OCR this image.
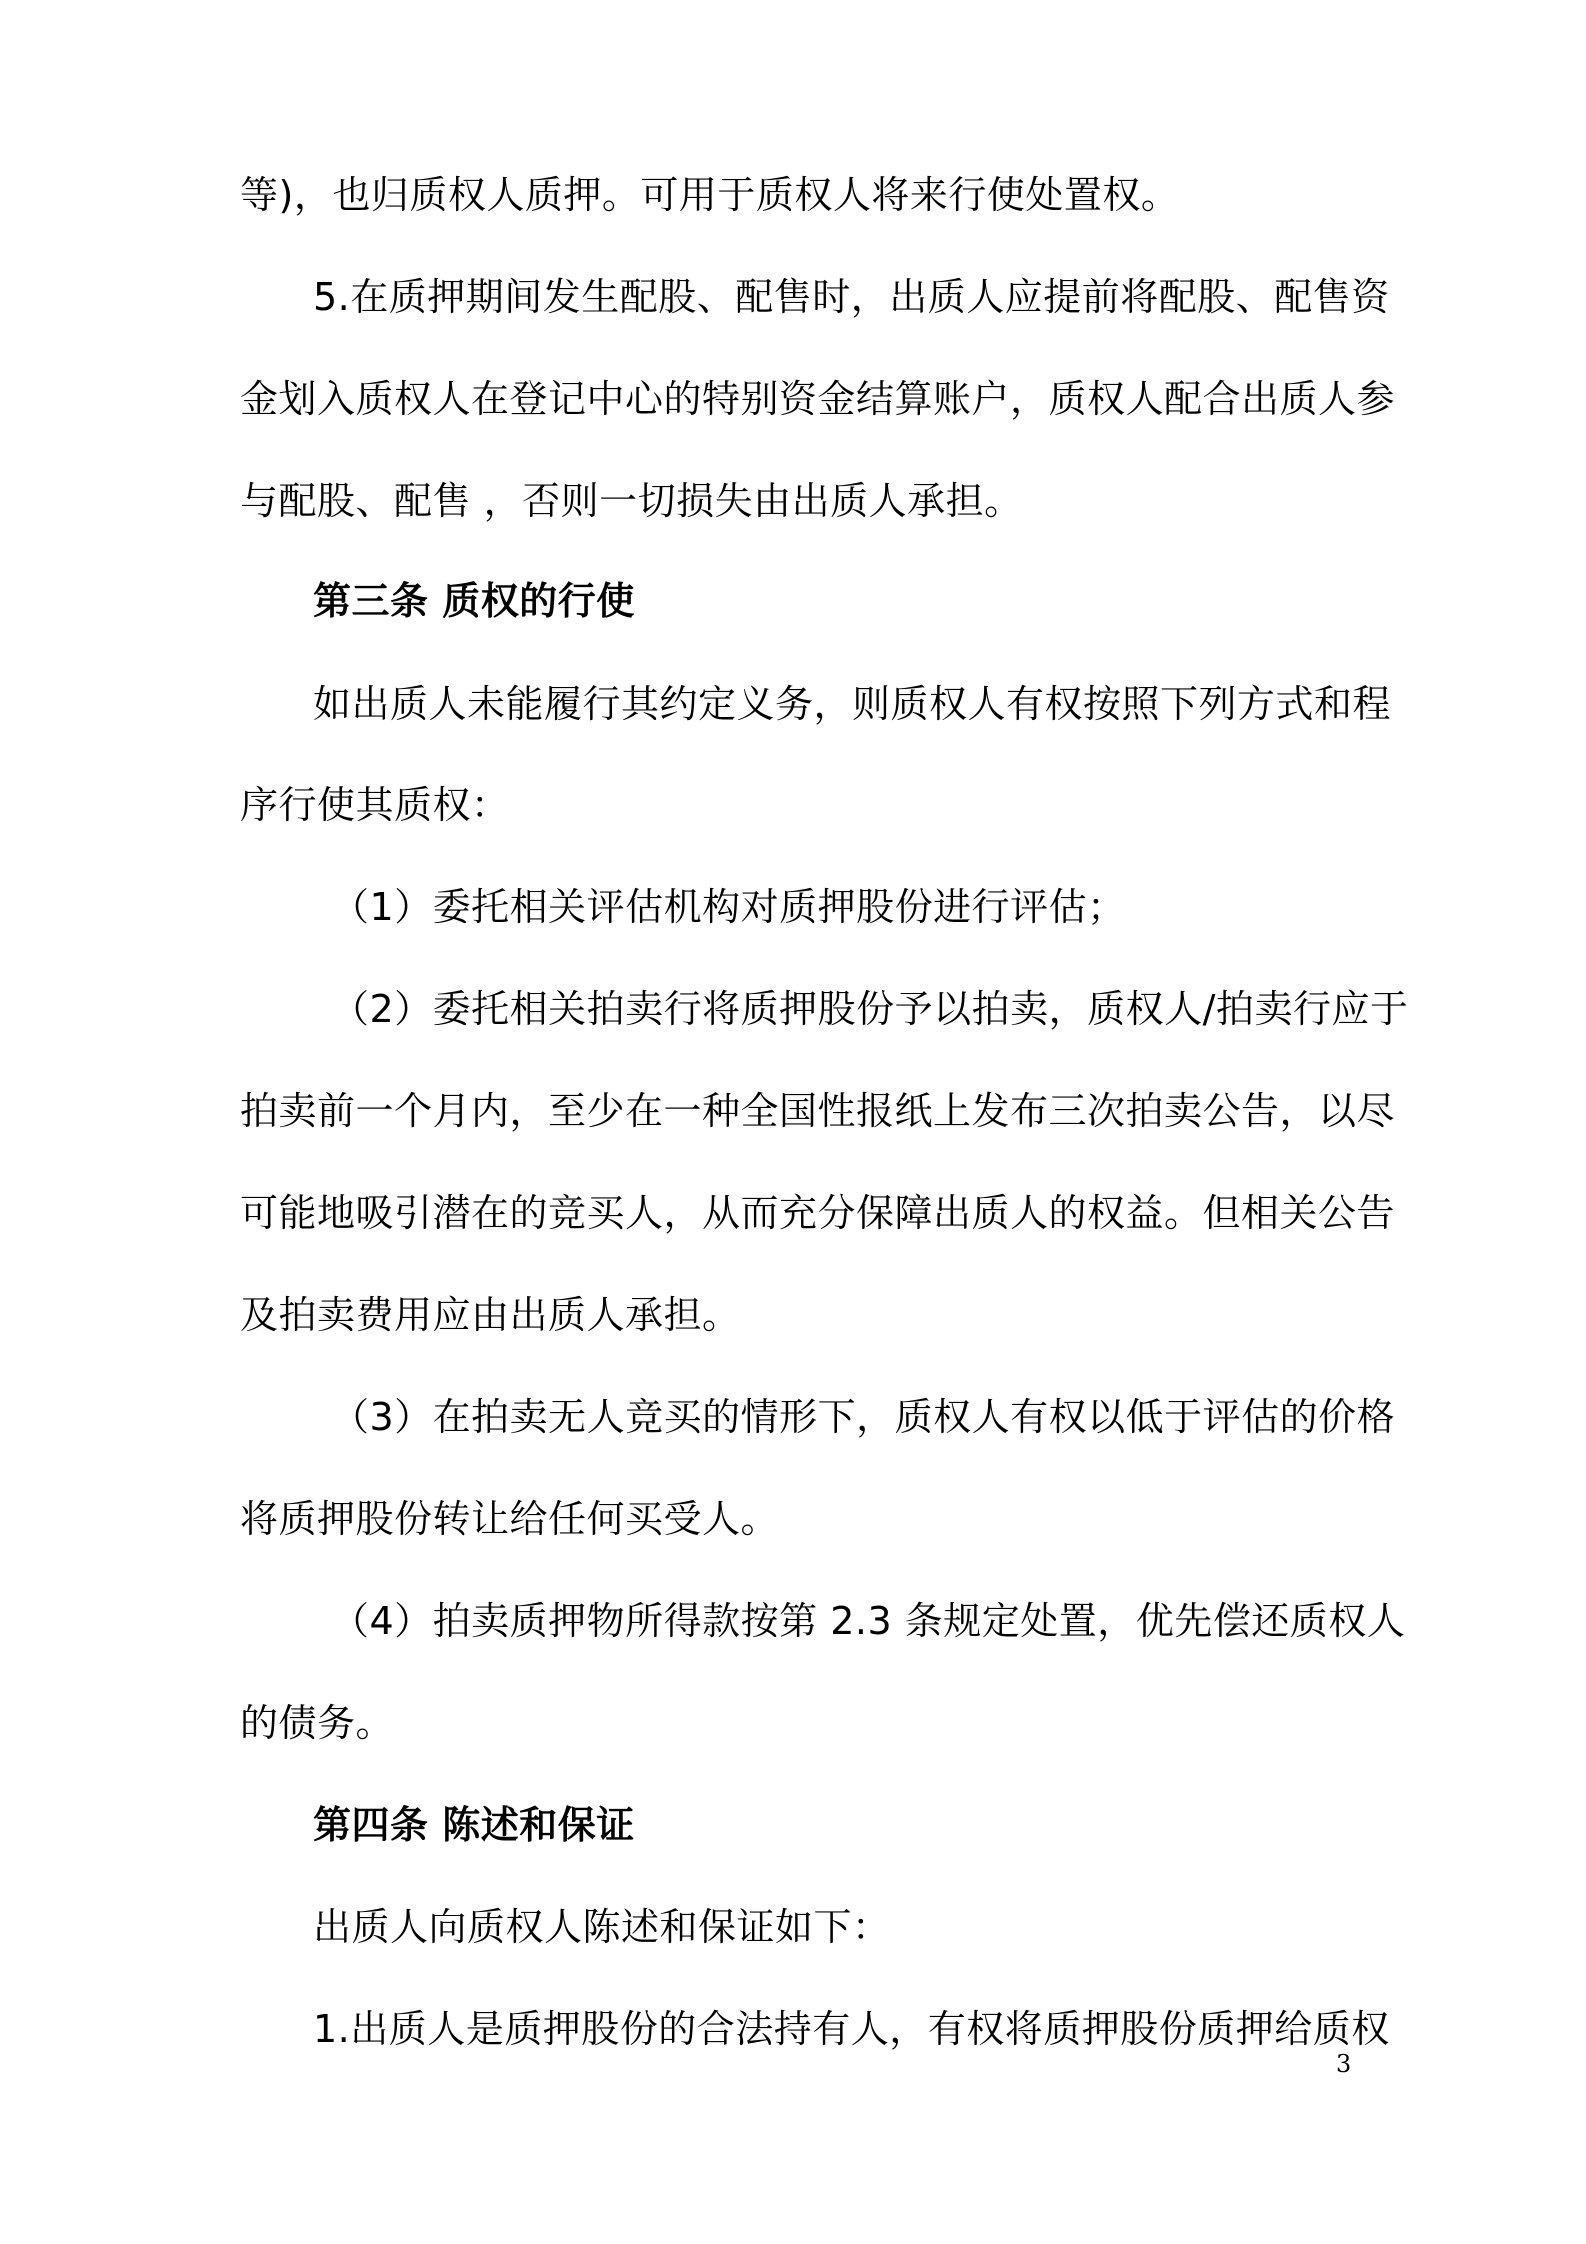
等)，也归质权人质押。可用于质权人将来行使处置权。
5.在质押期间发生配股、配售时，出质人应提前将配股、配售资
金划入质权人在登记中心的特别资金结算账户，质权人配合出质人参
与配股、配售 ，否则一切损失由出质人承担。
第三条 质权的行使
如出质人未能履行其约定义务，则质权人有权按照下列方式和程
序行使其质权：
（1）委托相关评估机构对质押股份进行评估；
（2）委托相关拍卖行将质押股份予以拍卖，质权人/拍卖行应于
拍卖前一个月内，至少在一种全国性报纸上发布三次拍卖公告，以尽
可能地吸引潜在的竞买人，从而充分保障出质人的权益。但相关公告
及拍卖费用应由出质人承担。
（3）在拍卖无人竞买的情形下，质权人有权以低于评估的价格
将质押股份转让给任何买受人。
（4）拍卖质押物所得款按第 2.3 条规定处置，优先偿还质权人
的债务。
第四条 陈述和保证
出质人向质权人陈述和保证如下：
1.出质人是质押股份的合法持有人，有权将质押股份质押给质权
3
